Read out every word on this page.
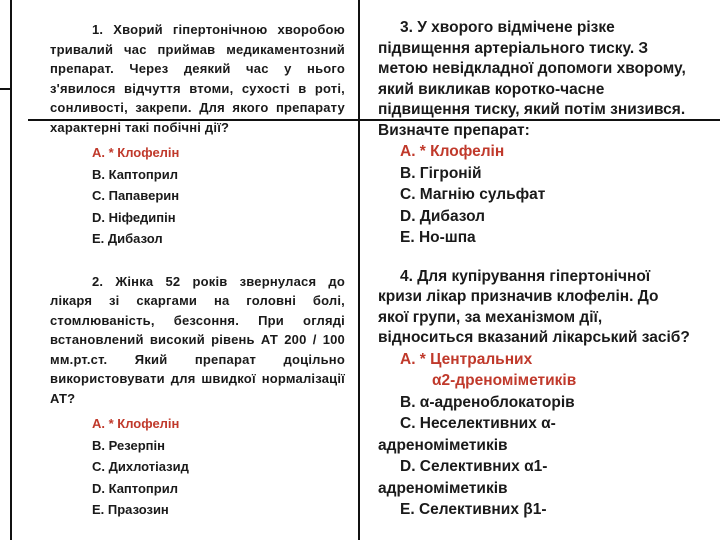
1. Хворий гіпертонічною хворобою тривалий час приймав медикаментозний препарат. Через деякий час у нього з'явилося відчуття втоми, сухості в роті, сонливості, закрепи. Для якого препарату характерні такі побічні дії?

A. * Клофелін
B. Каптоприл
C. Папаверин
D. Ніфедипін
E. Дибазол

2. Жінка 52 років звернулася до лікаря зі скаргами на головні болі, стомлюваність, безсоння. При огляді встановлений високий рівень АТ 200 / 100 мм.рт.ст. Який препарат доцільно використовувати для швидкої нормалізації АТ?

A. * Клофелін
B. Резерпін
C. Дихлотіазид
D. Каптоприл
E. Празозин

3. У хворого відмічене різке підвищення артеріального тиску. З метою невідкладної допомоги хворому, який викликав коротко-часне підвищення тиску, який потім знизився. Визначте препарат:

A. * Клофелін
B. Гігроній
C. Магнію сульфат
D. Дибазол
E. Но-шпа

4. Для купірування гіпертонічної кризи лікар призначив клофелін. До якої групи, за механізмом дії, відноситься вказаний лікарський засіб?

A. * Центральних
α2-дреноміметиків
B. α-адреноблокаторів
C. Неселективних α-
адреноміметиків
D. Селективних α1-
адреноміметиків
E. Селективних β1-
